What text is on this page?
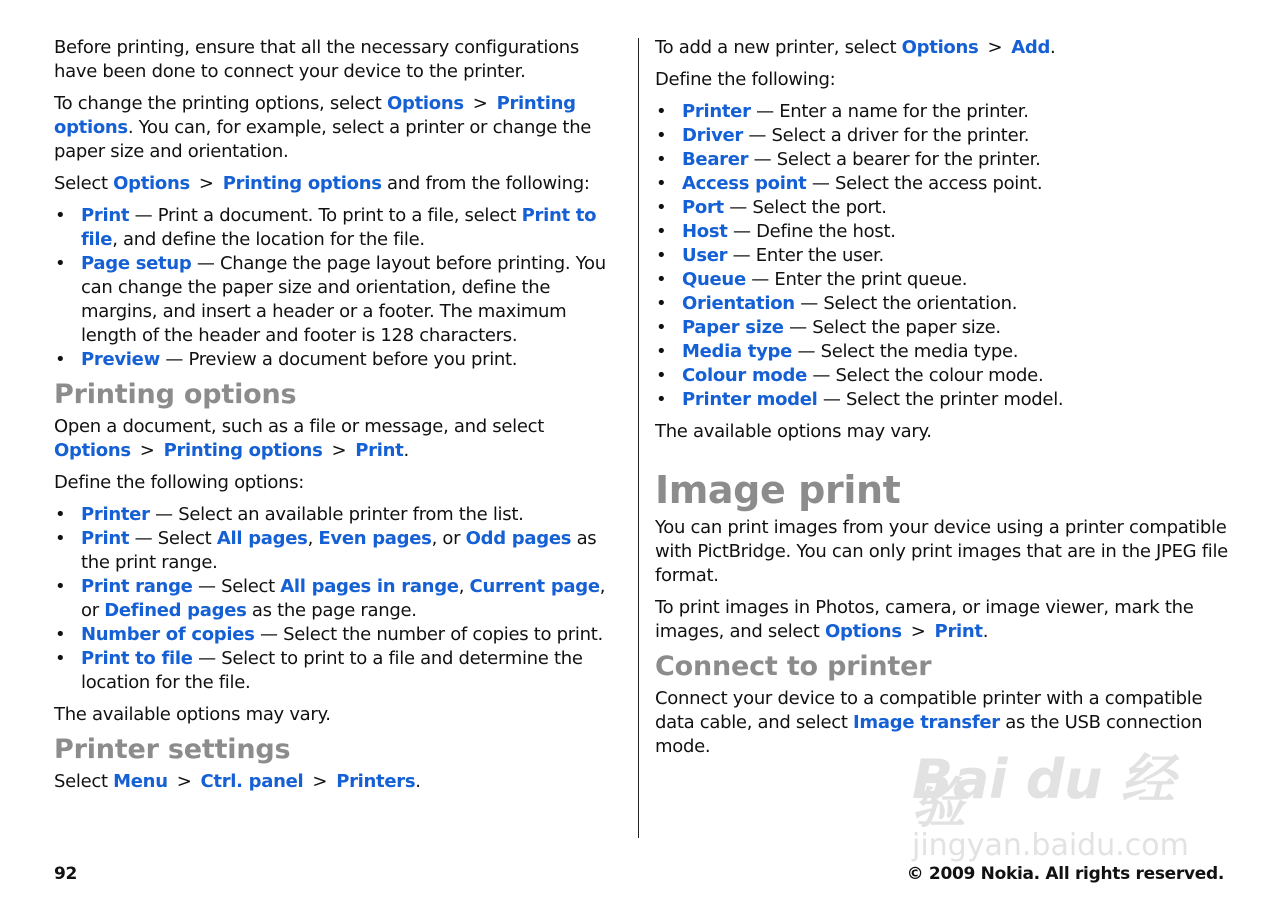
Before printing, ensure that all the necessary configurations have been done to connect your device to the printer.

To change the printing options, select Options > Printing options. You can, for example, select a printer or change the paper size and orientation.

Select Options > Printing options and from the following:

• Print — Print a document. To print to a file, select Print to file, and define the location for the file.
• Page setup — Change the page layout before printing. You can change the paper size and orientation, define the margins, and insert a header or a footer. The maximum length of the header and footer is 128 characters.
• Preview — Preview a document before you print.
Printing options

Open a document, such as a file or message, and select Options > Printing options > Print.

Define the following options:

• Printer — Select an available printer from the list.
• Print — Select All pages, Even pages, or Odd pages as the print range.
• Print range — Select All pages in range, Current page, or Defined pages as the page range.
• Number of copies — Select the number of copies to print.
• Print to file — Select to print to a file and determine the location for the file.

The available options may vary.

Printer settings

Select Menu > Ctrl. panel > Printers.

To add a new printer, select Options > Add.

Define the following:

• Printer — Enter a name for the printer.
• Driver — Select a driver for the printer.
• Bearer — Select a bearer for the printer.
• Access point — Select the access point.
• Port — Select the port.
• Host — Define the host.
• User — Enter the user.
• Queue — Enter the print queue.
• Orientation — Select the orientation.
• Paper size — Select the paper size.
• Media type — Select the media type.
• Colour mode — Select the colour mode.
• Printer model — Select the printer model.

The available options may vary.

Image print

You can print images from your device using a printer compatible with PictBridge. You can only print images that are in the JPEG file format.

To print images in Photos, camera, or image viewer, mark the images, and select Options > Print.

Connect to printer

Connect your device to a compatible printer with a compatible data cable, and select Image transfer as the USB connection mode.

92	© 2009 Nokia. All rights reserved.
Bai du 经验
jingyan.baidu.com
